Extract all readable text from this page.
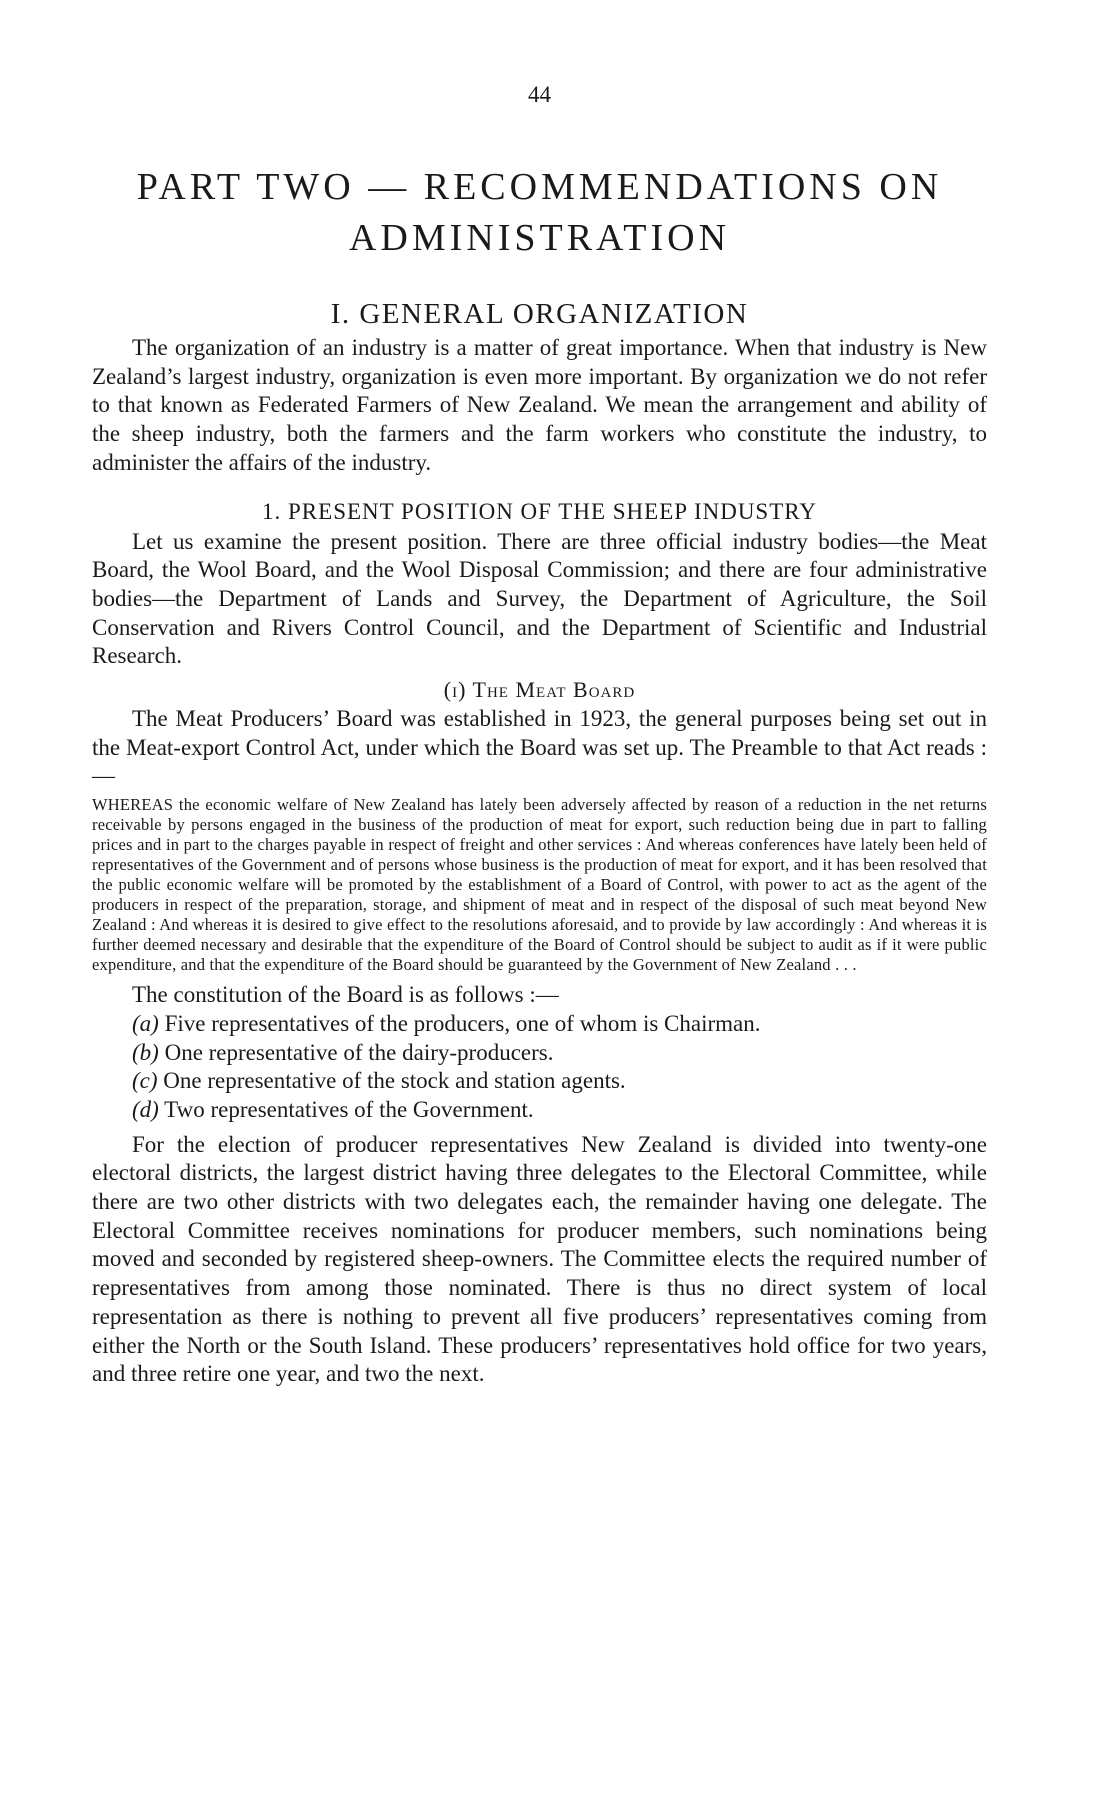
44
PART TWO — RECOMMENDATIONS ON
ADMINISTRATION
I. GENERAL ORGANIZATION

The organization of an industry is a matter of great importance. When that industry is New Zealand’s largest industry, organization is even more important. By organization we do not refer to that known as Federated Farmers of New Zealand. We mean the arrangement and ability of the sheep industry, both the farmers and the farm workers who constitute the industry, to administer the affairs of the industry.

1. PRESENT POSITION OF THE SHEEP INDUSTRY

Let us examine the present position. There are three official industry bodies—the Meat Board, the Wool Board, and the Wool Disposal Commission; and there are four administrative bodies—the Department of Lands and Survey, the Department of Agriculture, the Soil Conservation and Rivers Control Council, and the Department of Scientific and Industrial Research.

(i) The Meat Board

The Meat Producers’ Board was established in 1923, the general purposes being set out in the Meat-export Control Act, under which the Board was set up. The Preamble to that Act reads :—

WHEREAS the economic welfare of New Zealand has lately been adversely affected by reason of a reduction in the net returns receivable by persons engaged in the business of the production of meat for export, such reduction being due in part to falling prices and in part to the charges payable in respect of freight and other services : And whereas conferences have lately been held of representatives of the Government and of persons whose business is the production of meat for export, and it has been resolved that the public economic welfare will be promoted by the establishment of a Board of Control, with power to act as the agent of the producers in respect of the preparation, storage, and shipment of meat and in respect of the disposal of such meat beyond New Zealand : And whereas it is desired to give effect to the resolutions aforesaid, and to provide by law accordingly : And whereas it is further deemed necessary and desirable that the expenditure of the Board of Control should be subject to audit as if it were public expenditure, and that the expenditure of the Board should be guaranteed by the Government of New Zealand . . .

The constitution of the Board is as follows :—

(a) Five representatives of the producers, one of whom is Chairman.
(b) One representative of the dairy-producers.
(c) One representative of the stock and station agents.
(d) Two representatives of the Government.

For the election of producer representatives New Zealand is divided into twenty-one electoral districts, the largest district having three delegates to the Electoral Committee, while there are two other districts with two delegates each, the remainder having one delegate. The Electoral Committee receives nominations for producer members, such nominations being moved and seconded by registered sheep-owners. The Committee elects the required number of representatives from among those nominated. There is thus no direct system of local representation as there is nothing to prevent all five producers’ representatives coming from either the North or the South Island. These producers’ representatives hold office for two years, and three retire one year, and two the next.
